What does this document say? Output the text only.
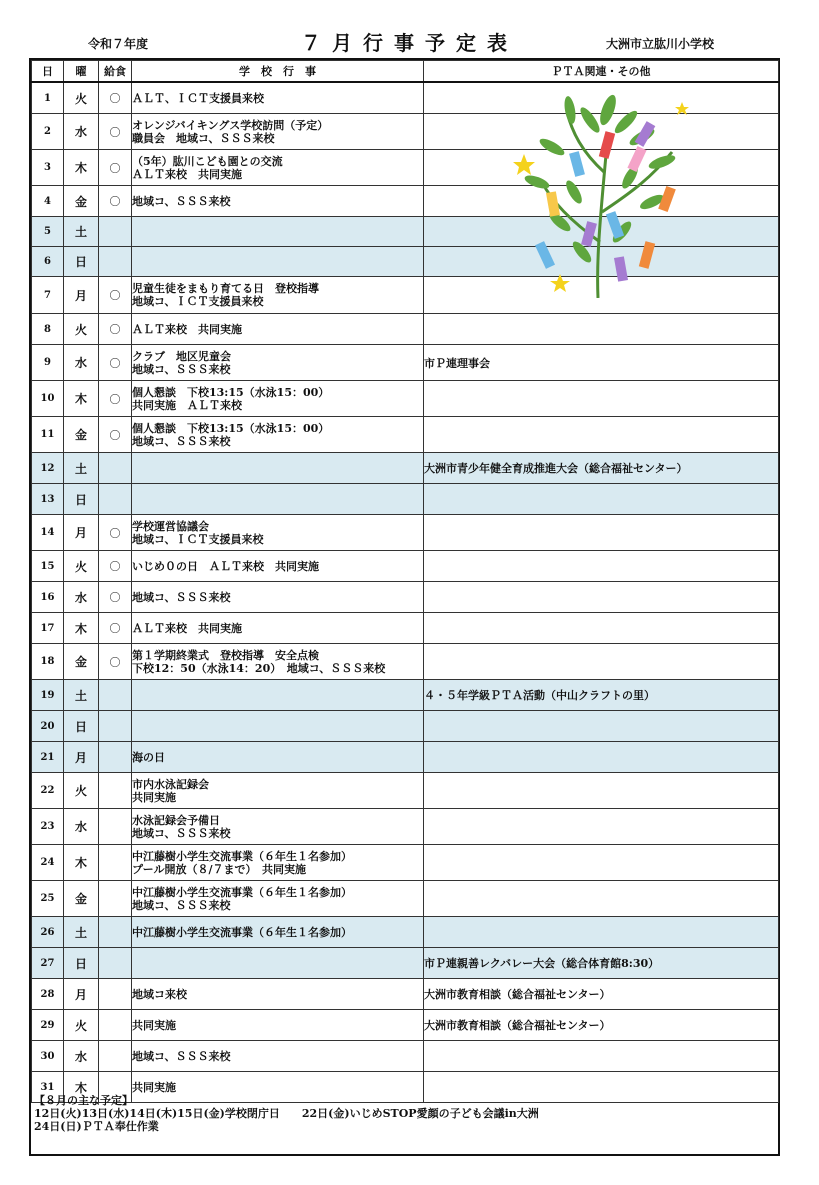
令和７年度	７月行事予定表	大洲市立肱川小学校
日	曜	給食	学　校　行　事	ＰＴＡ関連・その他
1	火	〇	ＡＬＴ、ＩＣＴ支援員来校	
2	水	〇	オレンジバイキングス学校訪問（予定）
職員会　地域コ、ＳＳＳ来校	
3	木	〇	（5年）肱川こども園との交流
ＡＬＴ来校　共同実施	
4	金	〇	地域コ、ＳＳＳ来校	
5	土			
6	日			
7	月	〇	児童生徒をまもり育てる日　登校指導
地域コ、ＩＣＴ支援員来校	
8	火	〇	ＡＬＴ来校　共同実施	
9	水	〇	クラブ　地区児童会
地域コ、ＳＳＳ来校	市Ｐ連理事会
10	木	〇	個人懇談　下校13:15（水泳15：00）
共同実施　ＡＬＴ来校	
11	金	〇	個人懇談　下校13:15（水泳15：00）
地域コ、ＳＳＳ来校	
12	土			大洲市青少年健全育成推進大会（総合福祉センター）
13	日			
14	月	〇	学校運営協議会
地域コ、ＩＣＴ支援員来校	
15	火	〇	いじめ０の日　ＡＬＴ来校　共同実施	
16	水	〇	地域コ、ＳＳＳ来校	
17	木	〇	ＡＬＴ来校　共同実施	
18	金	〇	第１学期終業式　登校指導　安全点検
下校12：50（水泳14：20）　地域コ、ＳＳＳ来校	
19	土			４・５年学級ＰＴＡ活動（中山クラフトの里）
20	日			
21	月		海の日	
22	火		市内水泳記録会
共同実施	
23	水		水泳記録会予備日
地域コ、ＳＳＳ来校	
24	木		中江藤樹小学生交流事業（６年生１名参加）
プール開放（８/７まで）　共同実施	
25	金		中江藤樹小学生交流事業（６年生１名参加）
地域コ、ＳＳＳ来校	
26	土		中江藤樹小学生交流事業（６年生１名参加）	
27	日			市Ｐ連親善レクバレー大会（総合体育館8:30）
28	月		地域コ来校	大洲市教育相談（総合福祉センター）
29	火		共同実施	大洲市教育相談（総合福祉センター）
30	水		地域コ、ＳＳＳ来校	
31	木		共同実施	
【８月の主な予定】
12日(火)13日(水)14日(木)15日(金)学校閉庁日　　22日(金)いじめSTOP愛顔の子ども会議in大洲
24日(日)ＰＴＡ奉仕作業
